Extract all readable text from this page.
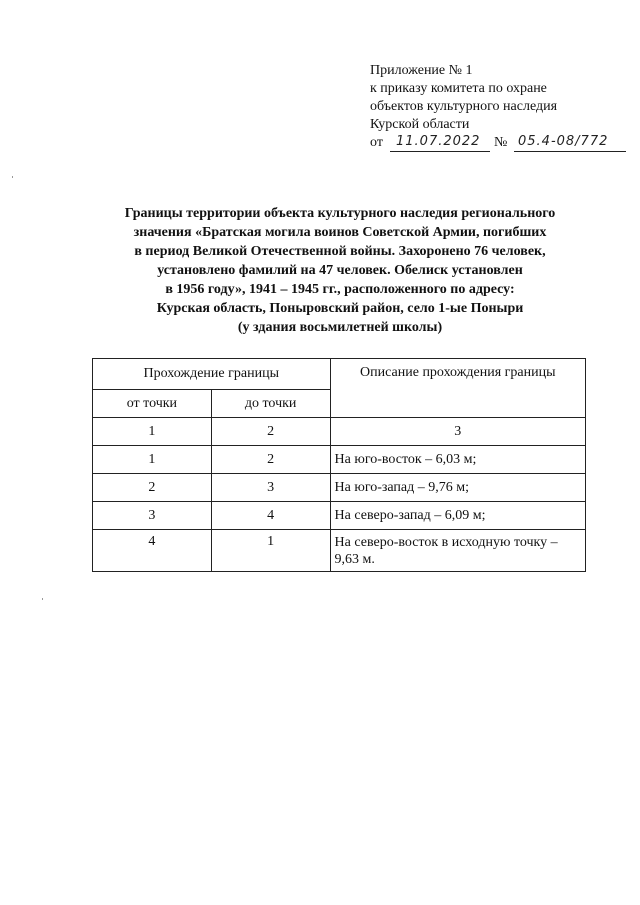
Приложение № 1
к приказу комитета по охране
объектов культурного наследия
Курской области
от 11.07.2022 № 05.4-08/772
Границы территории объекта культурного наследия регионального
значения «Братская могила воинов Советской Армии, погибших
в период Великой Отечественной войны. Захоронено 76 человек,
установлено фамилий на 47 человек. Обелиск установлен
в 1956 году», 1941 – 1945 гг., расположенного по адресу:
Курская область, Поныровский район, село 1-ые Поныри
(у здания восьмилетней школы)
Прохождение границы		Описание прохождения границы
от точки	до точки	
1	2	3
1	2	На юго-восток – 6,03 м;
2	3	На юго-запад – 9,76 м;
3	4	На северо-запад – 6,09 м;
4	1	На северо-восток в исходную точку – 9,63 м.
